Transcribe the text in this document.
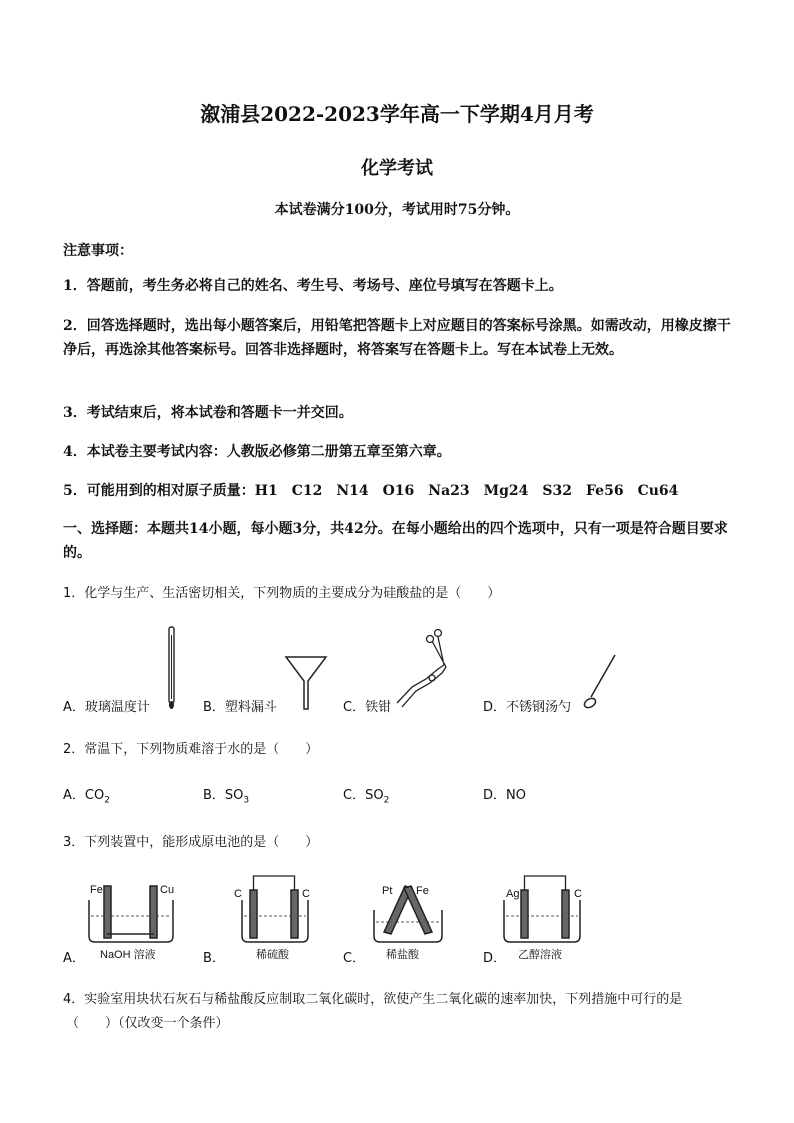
溆浦县2022-2023学年高一下学期4月月考
化学考试
本试卷满分100分，考试用时75分钟。
注意事项：
1．答题前，考生务必将自己的姓名、考生号、考场号、座位号填写在答题卡上。
2．回答选择题时，选出每小题答案后，用铅笔把答题卡上对应题目的答案标号涂黑。如需改动，用橡皮擦干净后，再选涂其他答案标号。回答非选择题时，将答案写在答题卡上。写在本试卷上无效。
3．考试结束后，将本试卷和答题卡一并交回。
4．本试卷主要考试内容：人教版必修第二册第五章至第六章。
5．可能用到的相对原子质量：H1　C12　N14　O16　Na23　Mg24　S32　Fe56　Cu64
一、选择题：本题共14小题，每小题3分，共42分。在每小题给出的四个选项中，只有一项是符合题目要求的。
1．化学与生产、生活密切相关，下列物质的主要成分为硅酸盐的是（　　）
A．玻璃温度计	B．塑料漏斗	C．铁钳	D．不锈钢汤勺
2．常温下，下列物质难溶于水的是（　　）
A．$CO_2$	B．$SO_3$	C．$SO_2$	D．NO
3．下列装置中，能形成原电池的是（　　）
Fe	Cu
NaOH 溶液
C	C
稀硫酸
Pt Fe
稀盐酸
Ag	C
乙醇溶液
A．	B．	C．	D．
4．实验室用块状石灰石与稀盐酸反应制取二氧化碳时，欲使产生二氧化碳的速率加快，下列措施中可行的是
（　　）（仅改变一个条件）
